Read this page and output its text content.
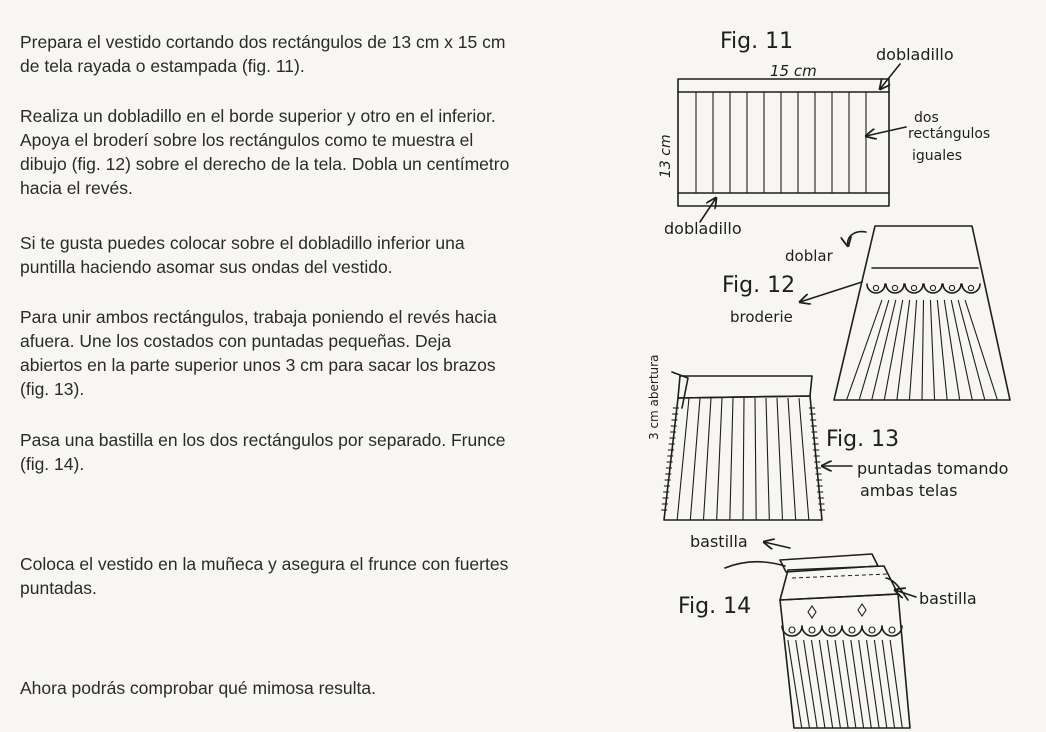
Prepara el vestido cortando dos rectángulos de 13 cm x 15 cm
de tela rayada o estampada (fig. 11).

Realiza un dobladillo en el borde superior y otro en el inferior.
Apoya el broderí sobre los rectángulos como te muestra el
dibujo (fig. 12) sobre el derecho de la tela. Dobla un centímetro
hacia el revés.

Si te gusta puedes colocar sobre el dobladillo inferior una
puntilla haciendo asomar sus ondas del vestido.

Para unir ambos rectángulos, trabaja poniendo el revés hacia
afuera. Une los costados con puntadas pequeñas. Deja
abiertos en la parte superior unos 3 cm para sacar los brazos
(fig. 13).

Pasa una bastilla en los dos rectángulos por separado. Frunce
(fig. 14).

Coloca el vestido en la muñeca y asegura el frunce con fuertes
puntadas.

Ahora podrás comprobar qué mimosa resulta.

Fig. 11
15 cm
dobladillo
13 cm
dos
rectángulos
iguales
dobladillo
Fig. 12
doblar
broderie
Fig. 13
3 cm abertura
puntadas tomando
ambas telas
bastilla
Fig. 14	bastilla
